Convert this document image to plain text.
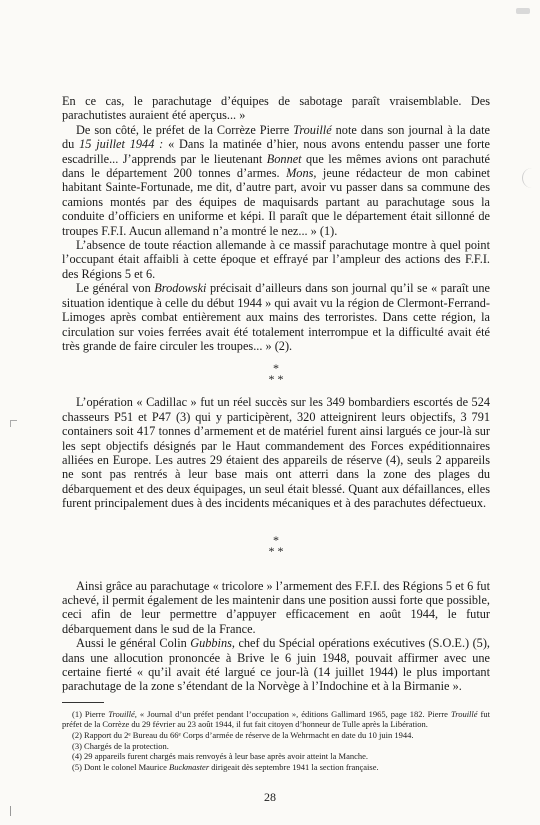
En ce cas, le parachutage d’équipes de sabotage paraît vraisemblable. Des parachutistes auraient été aperçus... »

De son côté, le préfet de la Corrèze Pierre Trouillé note dans son journal à la date du 15 juillet 1944 : « Dans la matinée d’hier, nous avons entendu passer une forte escadrille... J’apprends par le lieutenant Bonnet que les mêmes avions ont parachuté dans le département 200 tonnes d’armes. Mons, jeune rédacteur de mon cabinet habitant Sainte-Fortunade, me dit, d’autre part, avoir vu passer dans sa commune des camions montés par des équipes de maquisards partant au parachutage sous la conduite d’officiers en uniforme et képi. Il paraît que le département était sillonné de troupes F.F.I. Aucun allemand n’a montré le nez... » (1).

L’absence de toute réaction allemande à ce massif parachutage montre à quel point l’occupant était affaibli à cette époque et effrayé par l’ampleur des actions des F.F.I. des Régions 5 et 6.

Le général von Brodowski précisait d’ailleurs dans son journal qu’il se « paraît une situation identique à celle du début 1944 » qui avait vu la région de Clermont-Ferrand-Limoges après combat entièrement aux mains des terroristes. Dans cette région, la circulation sur voies ferrées avait été totalement interrompue et la difficulté avait été très grande de faire circuler les troupes... » (2).

*
* *

L’opération « Cadillac » fut un réel succès sur les 349 bombardiers escortés de 524 chasseurs P51 et P47 (3) qui y participèrent, 320 atteignirent leurs objectifs, 3 791 containers soit 417 tonnes d’armement et de matériel furent ainsi largués ce jour-là sur les sept objectifs désignés par le Haut commandement des Forces expéditionnaires alliées en Europe. Les autres 29 étaient des appareils de réserve (4), seuls 2 appareils ne sont pas rentrés à leur base mais ont atterri dans la zone des plages du débarquement et des deux équipages, un seul était blessé. Quant aux défaillances, elles furent principalement dues à des incidents mécaniques et à des parachutes défectueux.

*
* *

Ainsi grâce au parachutage « tricolore » l’armement des F.F.I. des Régions 5 et 6 fut achevé, il permit également de les maintenir dans une position aussi forte que possible, ceci afin de leur permettre d’appuyer efficacement en août 1944, le futur débarquement dans le sud de la France.

Aussi le général Colin Gubbins, chef du Spécial opérations exécutives (S.O.E.) (5), dans une allocution prononcée à Brive le 6 juin 1948, pouvait affirmer avec une certaine fierté « qu’il avait été largué ce jour-là (14 juillet 1944) le plus important parachutage de la zone s’étendant de la Norvège à l’Indochine et à la Birmanie ».

(1) Pierre Trouillé, « Journal d’un préfet pendant l’occupation », éditions Gallimard 1965, page 182. Pierre Trouillé fut préfet de la Corrèze du 29 février au 23 août 1944, il fut fait citoyen d’honneur de Tulle après la Libération.

(2) Rapport du 2ᵉ Bureau du 66ᵉ Corps d’armée de réserve de la Wehrmacht en date du 10 juin 1944.

(3) Chargés de la protection.

(4) 29 appareils furent chargés mais renvoyés à leur base après avoir atteint la Manche.

(5) Dont le colonel Maurice Buckmaster dirigeait dès septembre 1941 la section française.

28
